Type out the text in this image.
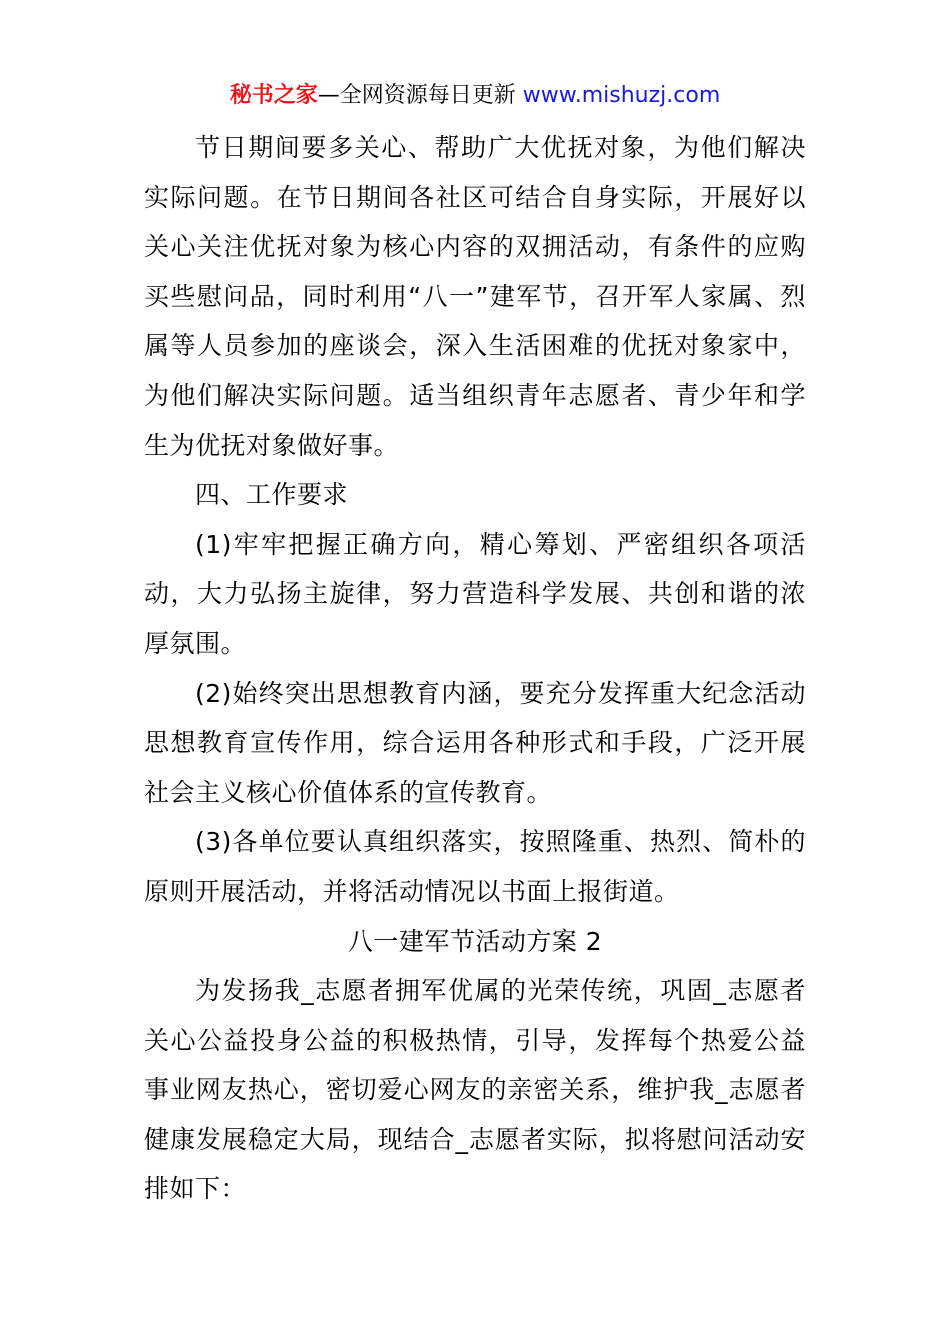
秘书之家—全网资源每日更新 www.mishuzj.com

节日期间要多关心、帮助广大优抚对象，为他们解决实际问题。在节日期间各社区可结合自身实际，开展好以关心关注优抚对象为核心内容的双拥活动，有条件的应购买些慰问品，同时利用“八一”建军节，召开军人家属、烈属等人员参加的座谈会，深入生活困难的优抚对象家中，为他们解决实际问题。适当组织青年志愿者、青少年和学生为优抚对象做好事。

四、工作要求

(1)牢牢把握正确方向，精心筹划、严密组织各项活动，大力弘扬主旋律，努力营造科学发展、共创和谐的浓厚氛围。

(2)始终突出思想教育内涵，要充分发挥重大纪念活动思想教育宣传作用，综合运用各种形式和手段，广泛开展社会主义核心价值体系的宣传教育。

(3)各单位要认真组织落实，按照隆重、热烈、简朴的原则开展活动，并将活动情况以书面上报街道。

八一建军节活动方案 2

为发扬我_志愿者拥军优属的光荣传统，巩固_志愿者关心公益投身公益的积极热情，引导，发挥每个热爱公益事业网友热心，密切爱心网友的亲密关系，维护我_志愿者健康发展稳定大局，现结合_志愿者实际，拟将慰问活动安排如下：
